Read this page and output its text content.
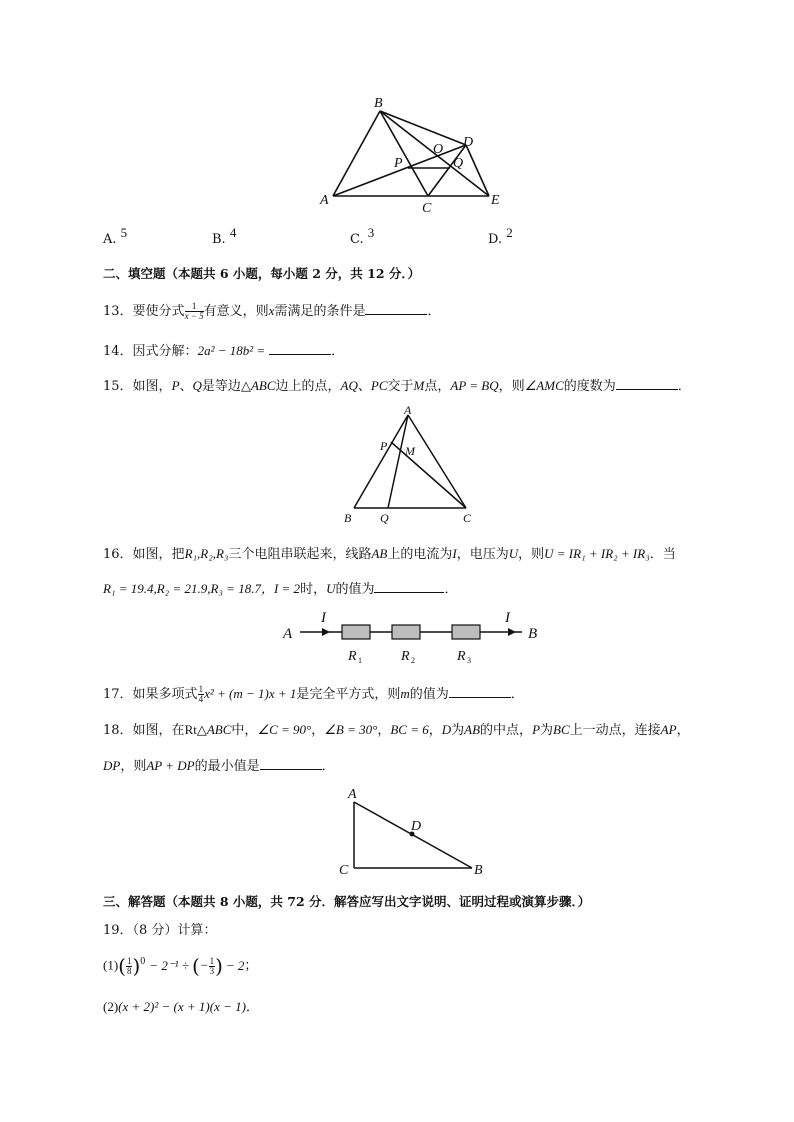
B
D
O
P	Q
A
C
E
A. 5	B. 4	C. 3	D. 2
二、填空题（本题共 6 小题，每小题 2 分，共 12 分．）
13．要使分式 $\frac{1}{x - 5}$ 有意义，则x需满足的条件是	．
14．因式分解：2a² − 18b² =	．
15．如图，P、Q是等边△ABC边上的点，AQ、PC交于M点，AP = BQ，则∠AMC的度数为	．
A
P M
B Q	C
16．如图，把R₁,R₂,R₃三个电阻串联起来，线路AB上的电流为I，电压为U，则U = IR₁ + IR₂ + IR₃．当
R₁ = 19.4,R₂ = 21.9,R₃ = 18.7，I = 2时，U的值为	．
A	B
I	I
R 1	R 2	R 3
17．如果多项式 $\frac{1}{4} x^2 + (m - 1)x + 1$是完全平方式，则m的值为	．
18．如图，在Rt△ABC中，∠C = 90°，∠B = 30°，BC = 6，D为AB的中点，P为BC上一动点，连接AP，
DP，则AP + DP的最小值是	．
A
D
C	B
三、解答题（本题共 8 小题，共 72 分．解答应写出文字说明、证明过程或演算步骤．）
19．（8 分）计算：
$(1)( \frac{1}{8} )^0 - 2^{-1}$ ÷ (− $\frac{1}{3}$ ) − 2；
(2)(x + 2)² − (x + 1)(x − 1)．
